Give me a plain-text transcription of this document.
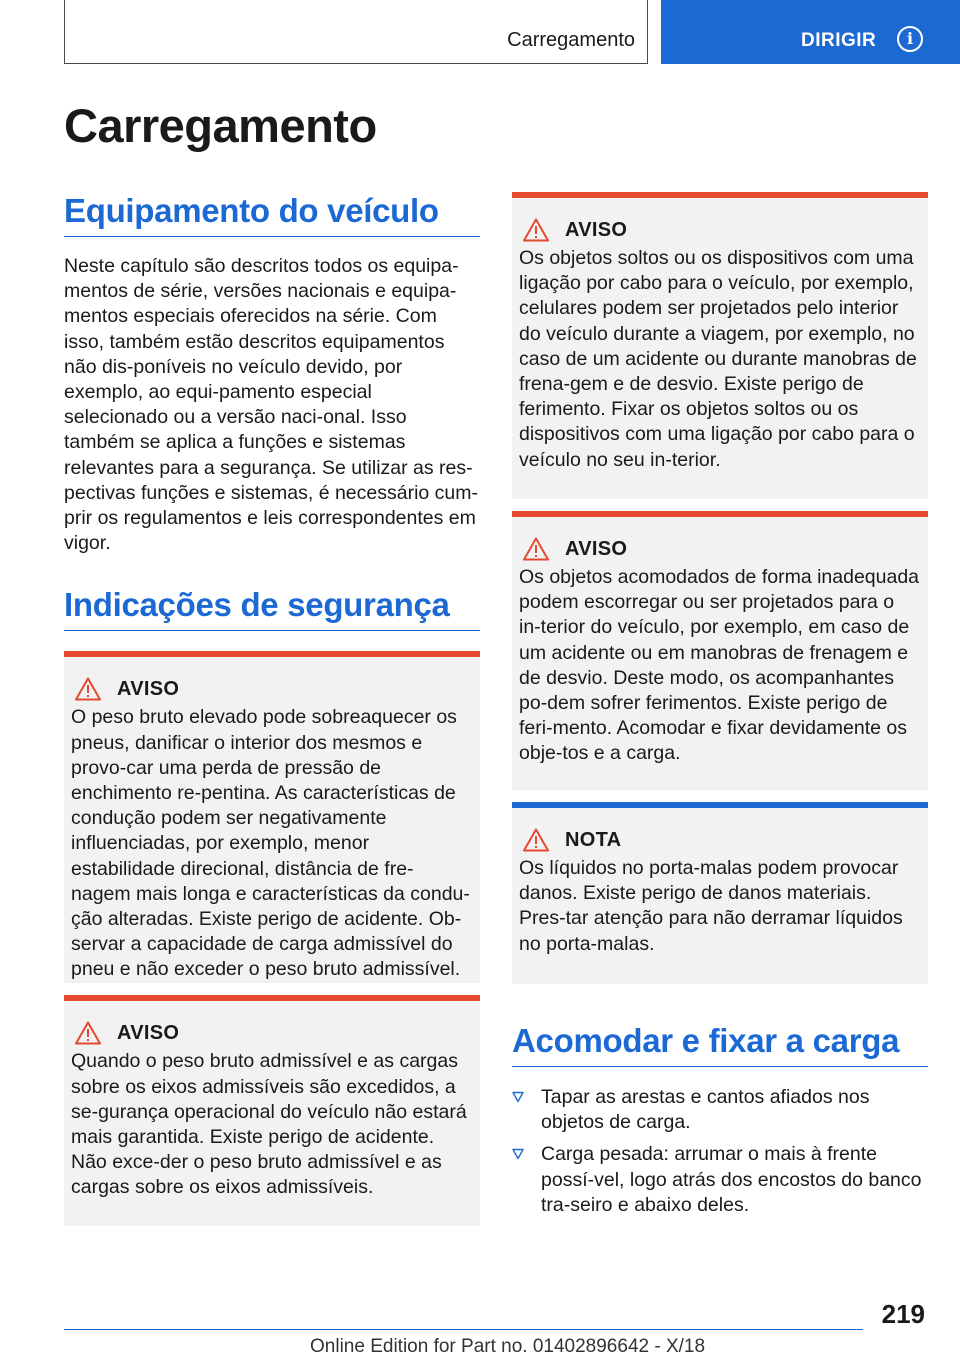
Carregamento	DIRIGIR	i
Carregamento
Equipamento do veículo

Neste capítulo são descritos todos os equipa-mentos de série, versões nacionais e equipa-mentos especiais oferecidos na série. Com isso, também estão descritos equipamentos não dis-poníveis no veículo devido, por exemplo, ao equi-pamento especial selecionado ou a versão naci-onal. Isso também se aplica a funções e sistemas relevantes para a segurança. Se utilizar as res-pectivas funções e sistemas, é necessário cum-prir os regulamentos e leis correspondentes em vigor.

Indicações de segurança
AVISO

O peso bruto elevado pode sobreaquecer os pneus, danificar o interior dos mesmos e provo-car uma perda de pressão de enchimento re-pentina. As características de condução podem ser negativamente influenciadas, por exemplo, menor estabilidade direcional, distância de fre-nagem mais longa e características da condu-ção alteradas. Existe perigo de acidente. Ob-servar a capacidade de carga admissível do pneu e não exceder o peso bruto admissível.

AVISO

Quando o peso bruto admissível e as cargas sobre os eixos admissíveis são excedidos, a se-gurança operacional do veículo não estará mais garantida. Existe perigo de acidente. Não exce-der o peso bruto admissível e as cargas sobre os eixos admissíveis.

AVISO

Os objetos soltos ou os dispositivos com uma ligação por cabo para o veículo, por exemplo, celulares podem ser projetados pelo interior do veículo durante a viagem, por exemplo, no caso de um acidente ou durante manobras de frena-gem e de desvio. Existe perigo de ferimento. Fixar os objetos soltos ou os dispositivos com uma ligação por cabo para o veículo no seu in-terior.

AVISO

Os objetos acomodados de forma inadequada podem escorregar ou ser projetados para o in-terior do veículo, por exemplo, em caso de um acidente ou em manobras de frenagem e de desvio. Deste modo, os acompanhantes po-dem sofrer ferimentos. Existe perigo de feri-mento. Acomodar e fixar devidamente os obje-tos e a carga.

NOTA

Os líquidos no porta-malas podem provocar danos. Existe perigo de danos materiais. Pres-tar atenção para não derramar líquidos no porta-malas.

Acomodar e fixar a carga
Tapar as arestas e cantos afiados nos objetos de carga.
Carga pesada: arrumar o mais à frente possí-vel, logo atrás dos encostos do banco tra-seiro e abaixo deles.
219
Online Edition for Part no. 01402896642 - X/18
